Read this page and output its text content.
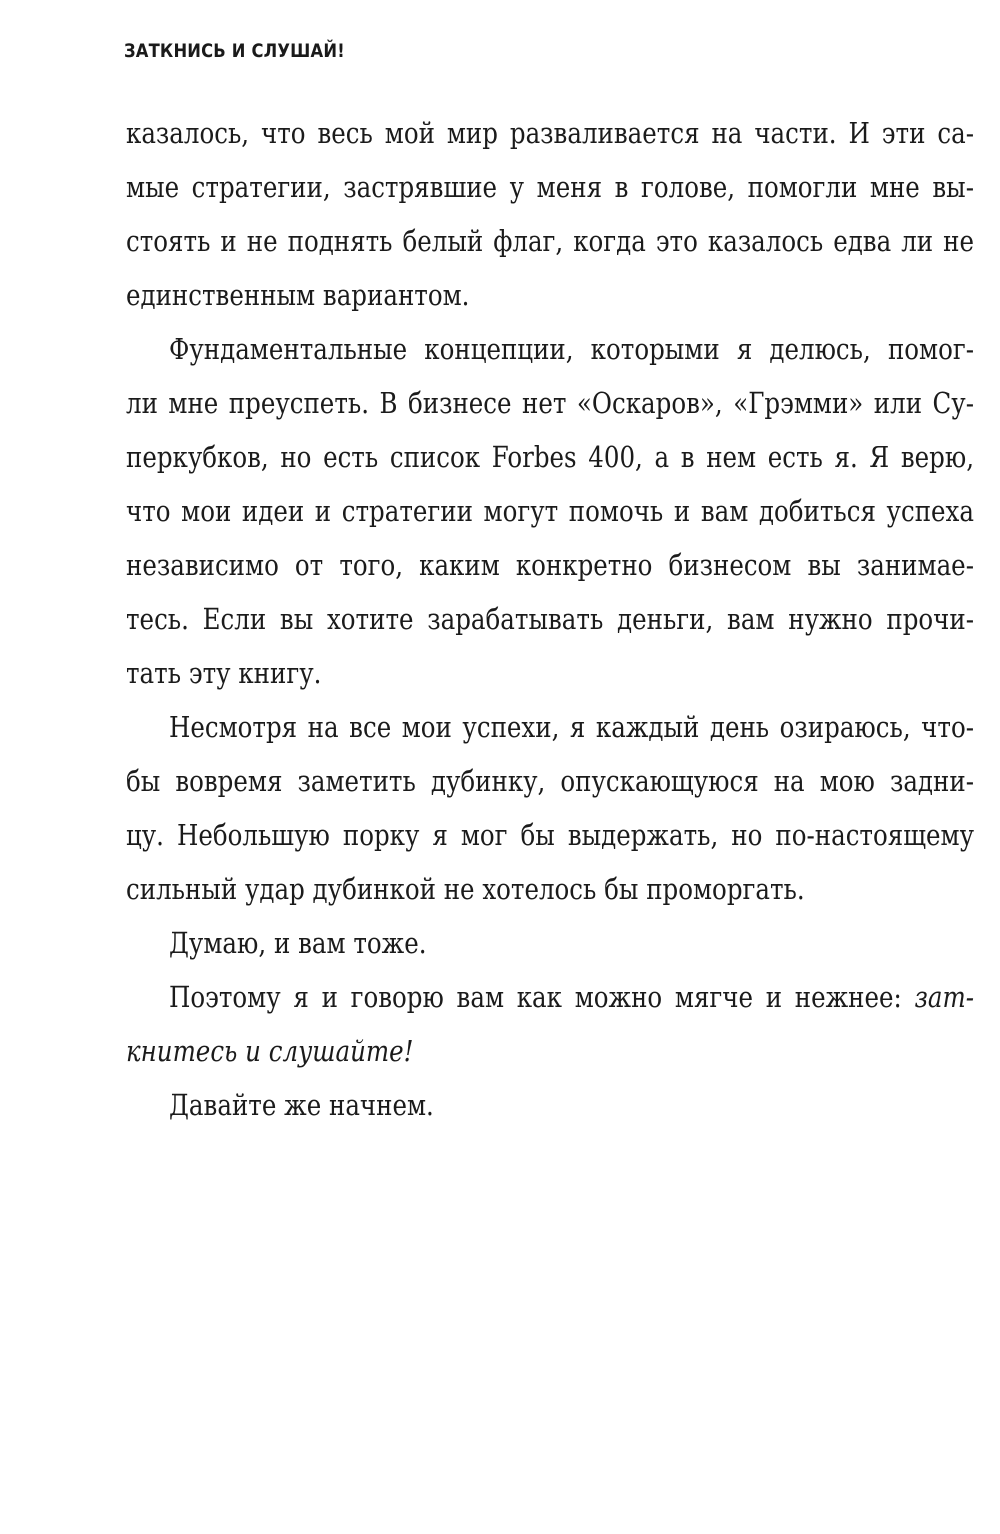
ЗАТКНИСЬ И СЛУШАЙ!
казалось, что весь мой мир разваливается на части. И эти са-
мые стратегии, застрявшие у меня в голове, помогли мне вы-
стоять и не поднять белый флаг, когда это казалось едва ли не
единственным вариантом.
Фундаментальные концепции, которыми я делюсь, помог-
ли мне преуспеть. В бизнесе нет «Оскаров», «Грэмми» или Су-
перкубков, но есть список Forbes 400, а в нем есть я. Я верю,
что мои идеи и стратегии могут помочь и вам добиться успеха
независимо от того, каким конкретно бизнесом вы занимае-
тесь. Если вы хотите зарабатывать деньги, вам нужно прочи-
тать эту книгу.
Несмотря на все мои успехи, я каждый день озираюсь, что-
бы вовремя заметить дубинку, опускающуюся на мою задни-
цу. Небольшую порку я мог бы выдержать, но по-настоящему
сильный удар дубинкой не хотелось бы проморгать.
Думаю, и вам тоже.
Поэтому я и говорю вам как можно мягче и нежнее: зат-
книтесь и слушайте!
Давайте же начнем.
